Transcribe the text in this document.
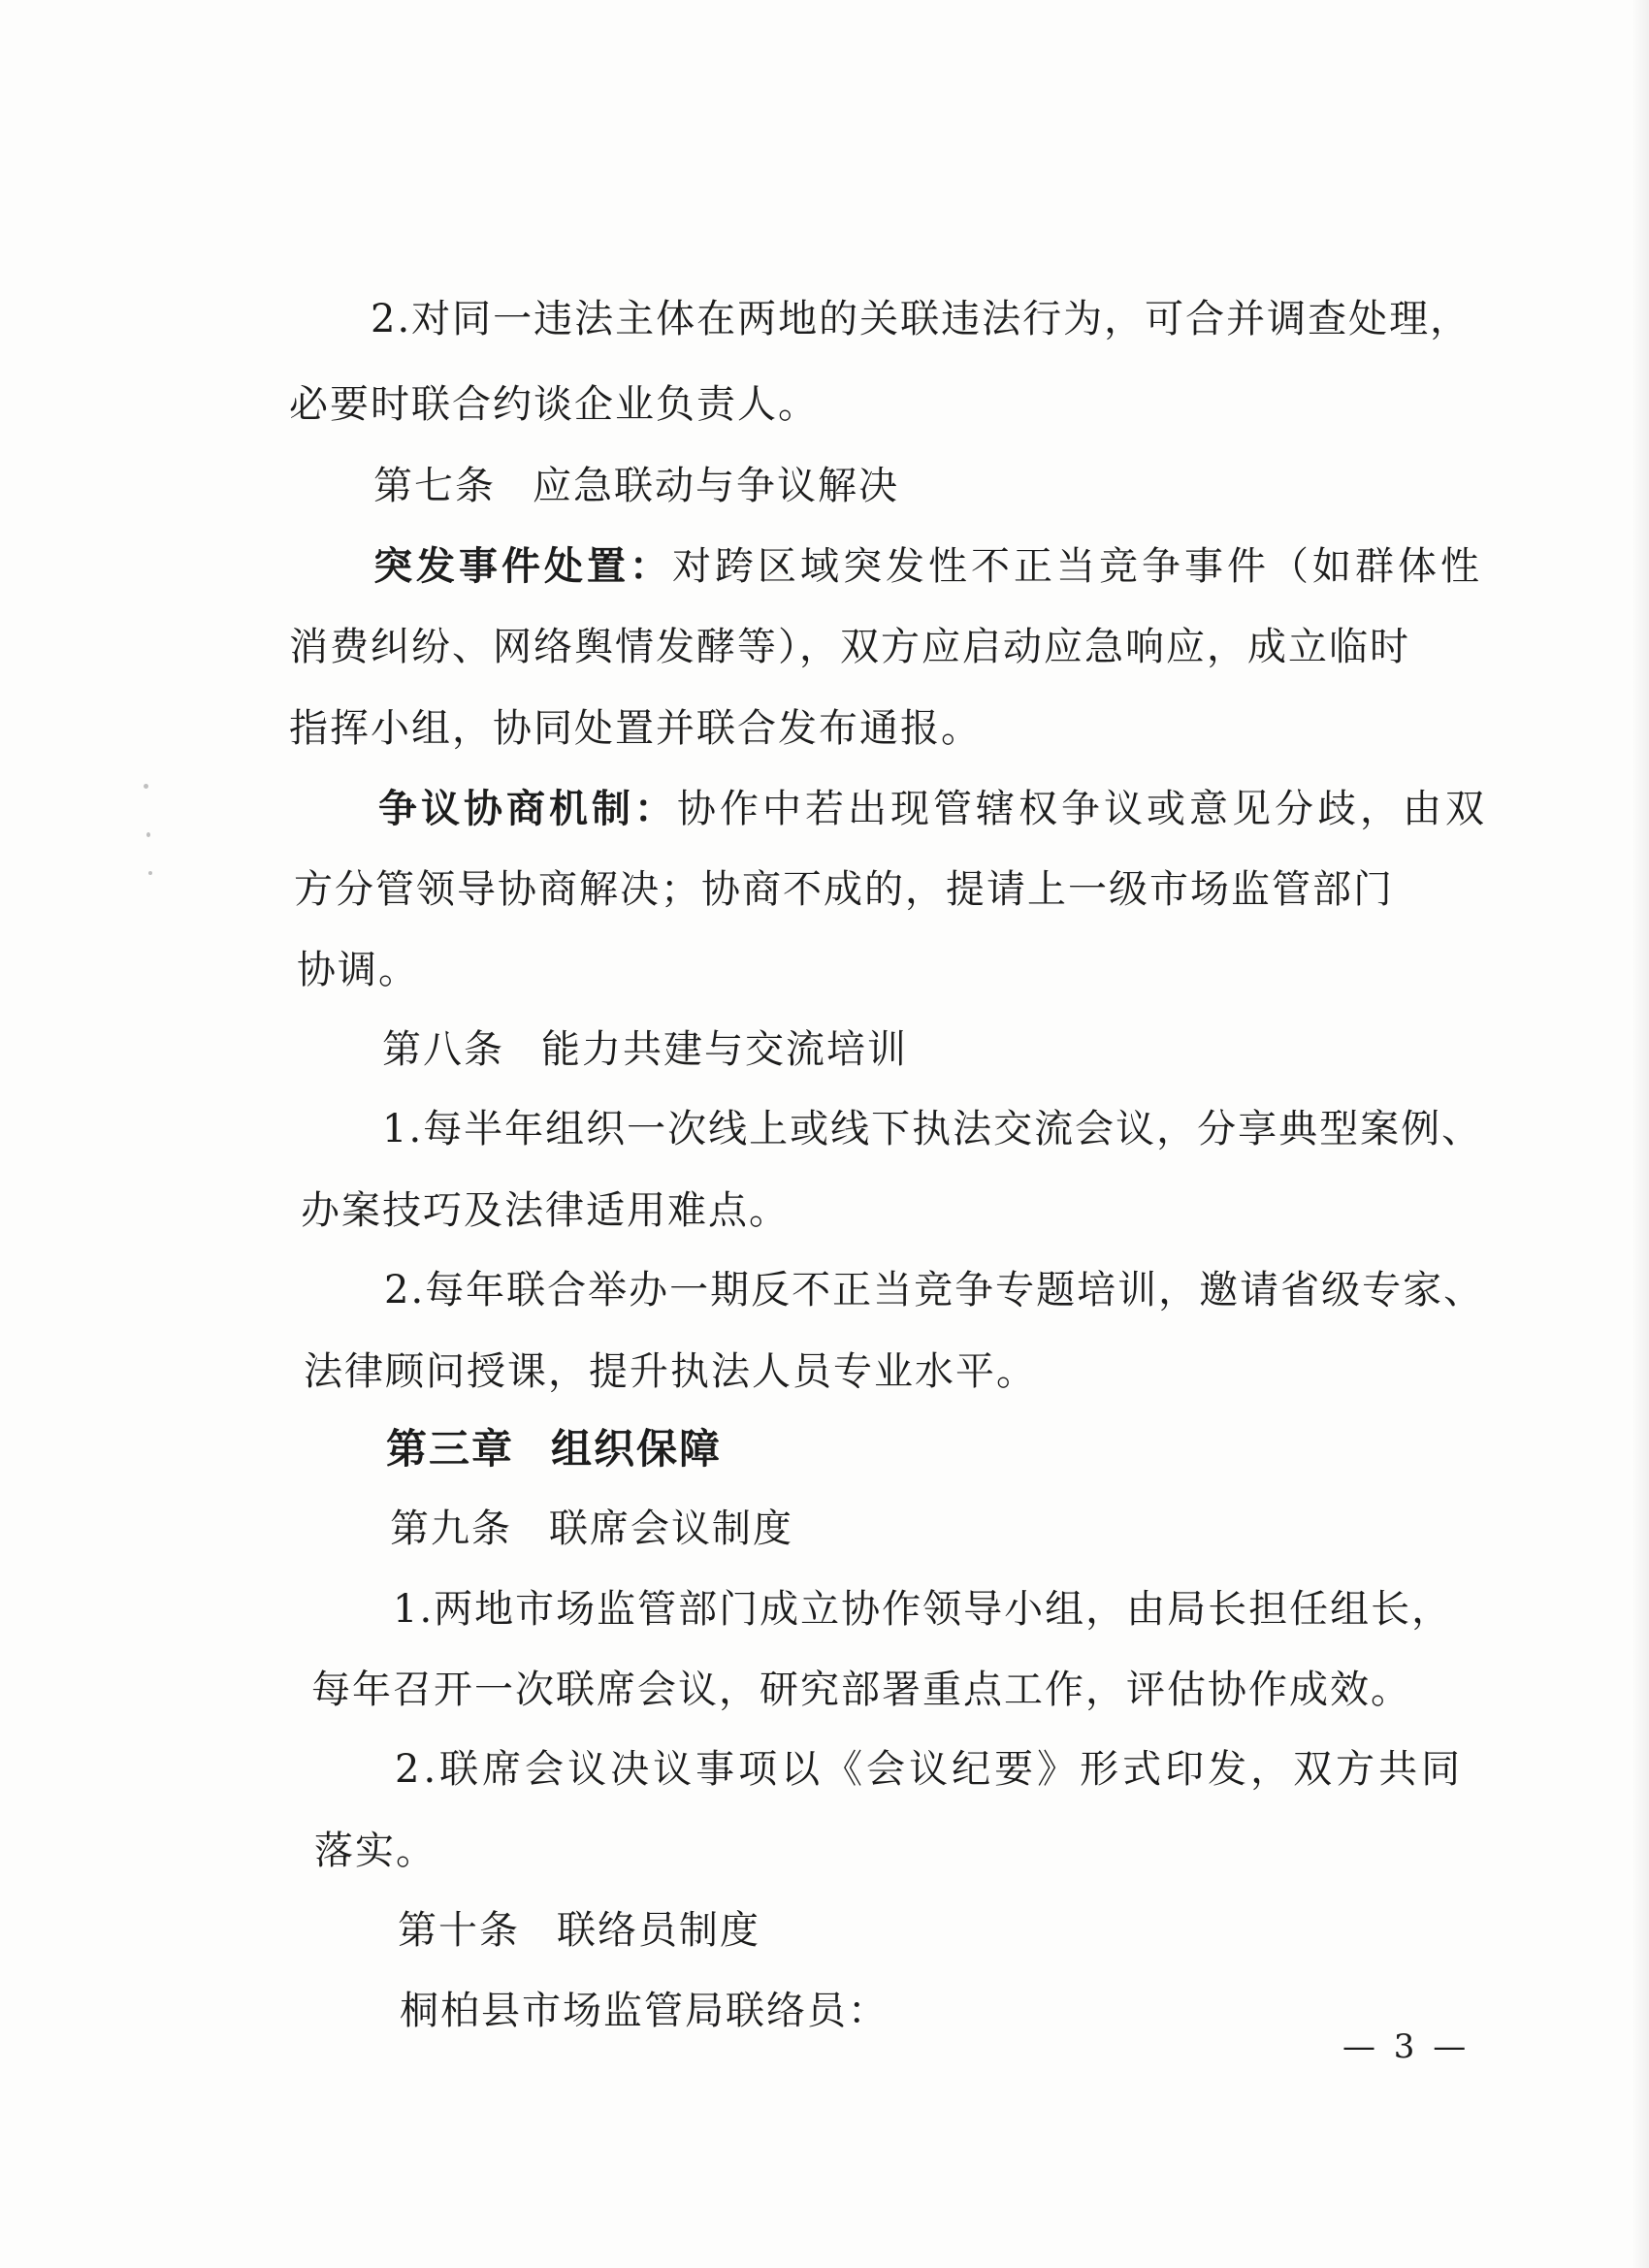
2.对同一违法主体在两地的关联违法行为，可合并调查处理，
必要时联合约谈企业负责人。
第七条 应急联动与争议解决
突发事件处置：对跨区域突发性不正当竞争事件（如群体性
消费纠纷、网络舆情发酵等），双方应启动应急响应，成立临时
指挥小组，协同处置并联合发布通报。
争议协商机制：协作中若出现管辖权争议或意见分歧，由双
方分管领导协商解决；协商不成的，提请上一级市场监管部门
协调。
第八条 能力共建与交流培训
1.每半年组织一次线上或线下执法交流会议，分享典型案例、
办案技巧及法律适用难点。
2.每年联合举办一期反不正当竞争专题培训，邀请省级专家、
法律顾问授课，提升执法人员专业水平。
第三章 组织保障
第九条 联席会议制度
1.两地市场监管部门成立协作领导小组，由局长担任组长，
每年召开一次联席会议，研究部署重点工作，评估协作成效。
2.联席会议决议事项以《会议纪要》形式印发，双方共同
落实。
第十条 联络员制度
桐柏县市场监管局联络员：
— 3 —
